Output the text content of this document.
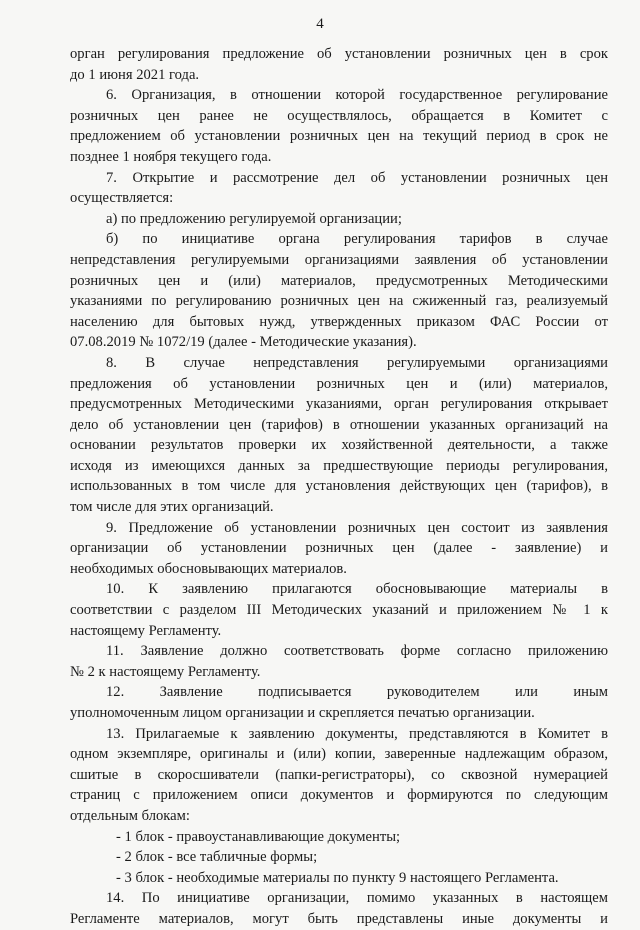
4
орган регулирования предложение об установлении розничных цен в срок
до 1 июня 2021 года.
6. Организация, в отношении которой государственное регулирование
розничных цен ранее не осуществлялось, обращается в Комитет с
предложением об установлении розничных цен на текущий период в срок не
позднее 1 ноября текущего года.
7. Открытие и рассмотрение дел об установлении розничных цен
осуществляется:
а) по предложению регулируемой организации;
б) по инициативе органа регулирования тарифов в случае
непредставления регулируемыми организациями заявления об установлении
розничных цен и (или) материалов, предусмотренных Методическими
указаниями по регулированию розничных цен на сжиженный газ, реализуемый
населению для бытовых нужд, утвержденных приказом ФАС России от
07.08.2019 № 1072/19 (далее - Методические указания).
8. В случае непредставления регулируемыми организациями
предложения об установлении розничных цен и (или) материалов,
предусмотренных Методическими указаниями, орган регулирования открывает
дело об установлении цен (тарифов) в отношении указанных организаций на
основании результатов проверки их хозяйственной деятельности, а также
исходя из имеющихся данных за предшествующие периоды регулирования,
использованных в том числе для установления действующих цен (тарифов), в
том числе для этих организаций.
9. Предложение об установлении розничных цен состоит из заявления
организации об установлении розничных цен (далее - заявление) и
необходимых обосновывающих материалов.
10. К заявлению прилагаются обосновывающие материалы в
соответствии с разделом III Методических указаний и приложением № 1 к
настоящему Регламенту.
11. Заявление должно соответствовать форме согласно приложению
№ 2 к настоящему Регламенту.
12. Заявление подписывается руководителем или иным
уполномоченным лицом организации и скрепляется печатью организации.
13. Прилагаемые к заявлению документы, представляются в Комитет в
одном экземпляре, оригиналы и (или) копии, заверенные надлежащим образом,
сшитые в скоросшиватели (папки-регистраторы), со сквозной нумерацией
страниц с приложением описи документов и формируются по следующим
отдельным блокам:
- 1 блок - правоустанавливающие документы;
- 2 блок - все табличные формы;
- 3 блок - необходимые материалы по пункту 9 настоящего Регламента.
14. По инициативе организации, помимо указанных в настоящем
Регламенте материалов, могут быть представлены иные документы и
